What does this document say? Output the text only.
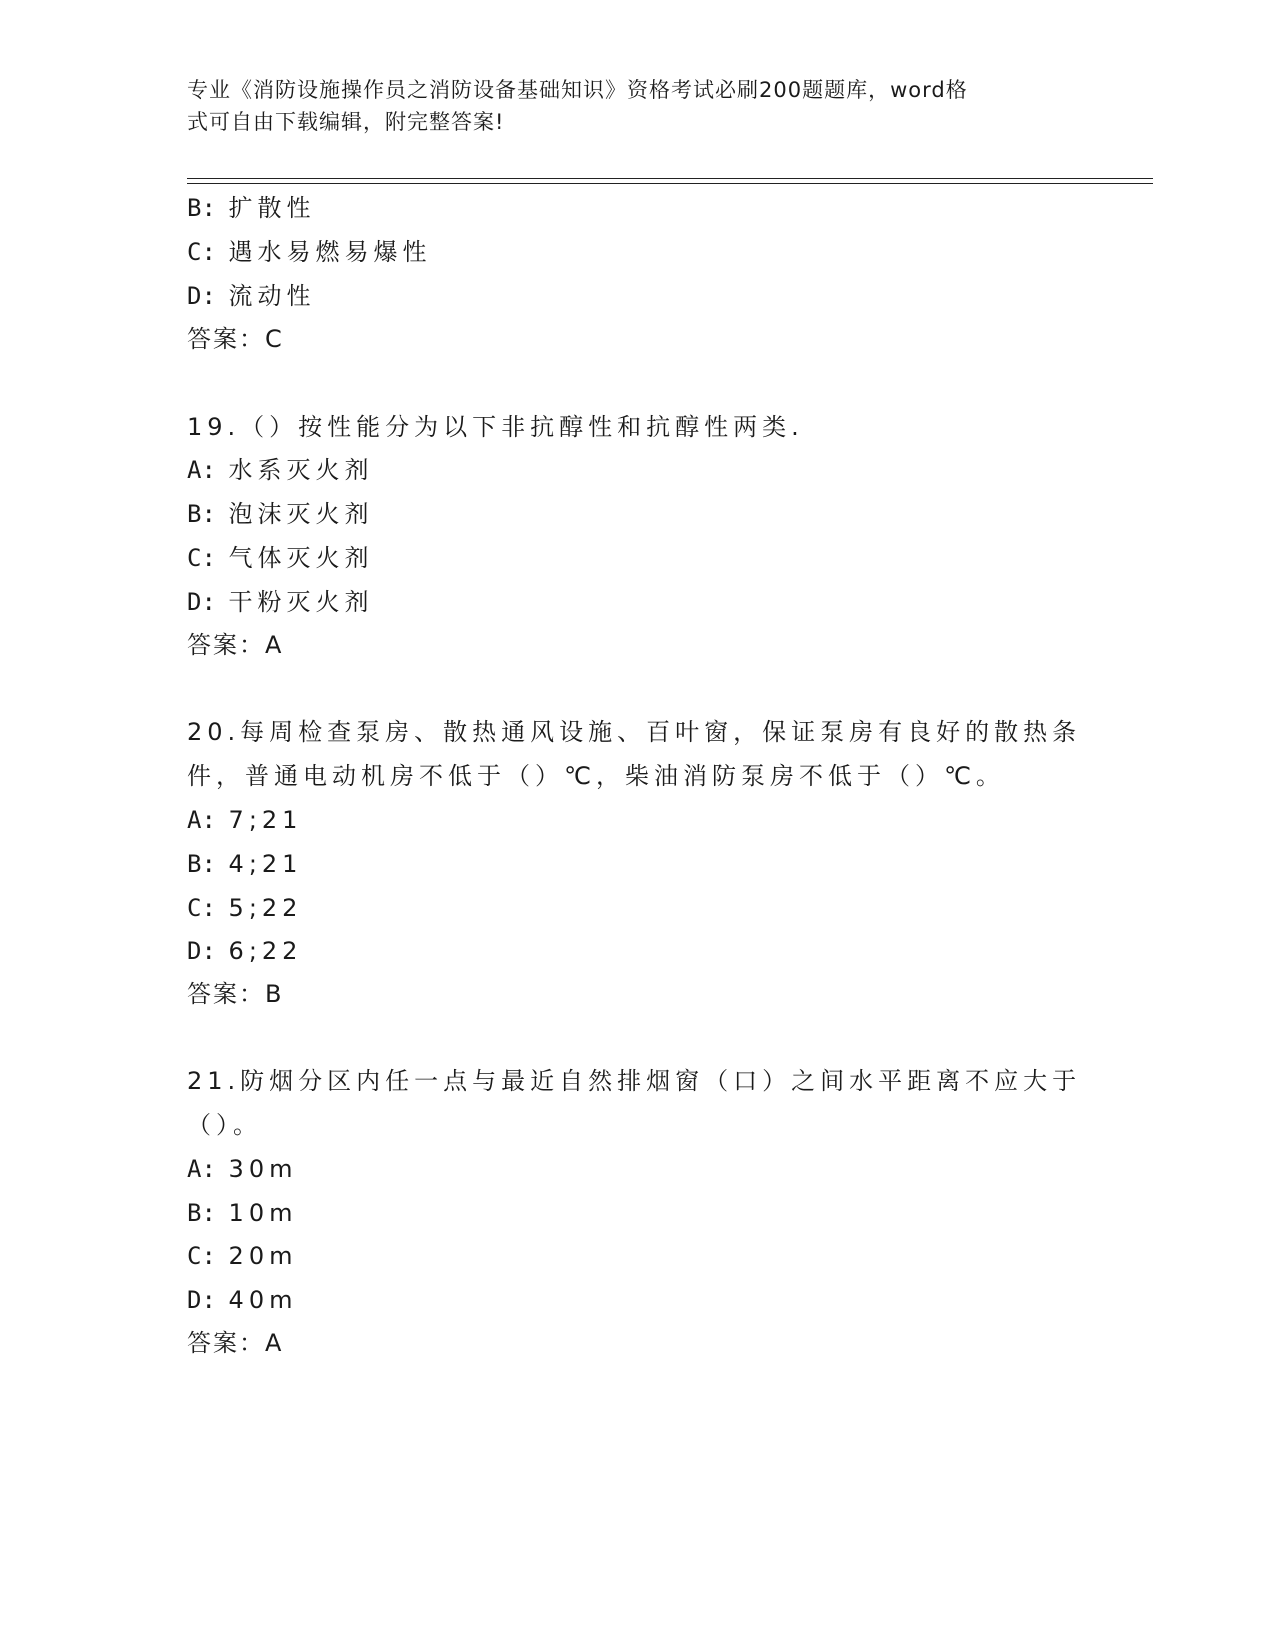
专业《消防设施操作员之消防设备基础知识》资格考试必刷200题题库，word格
式可自由下载编辑，附完整答案!
B: 扩散性
C: 遇水易燃易爆性
D: 流动性
答案：C
19.（）按性能分为以下非抗醇性和抗醇性两类.
A: 水系灭火剂
B: 泡沫灭火剂
C: 气体灭火剂
D: 干粉灭火剂
答案：A
20.每周检查泵房、散热通风设施、百叶窗，保证泵房有良好的散热条
件，普通电动机房不低于（）℃，柴油消防泵房不低于（）℃。
A: 7;21
B: 4;21
C: 5;22
D: 6;22
答案：B
21.防烟分区内任一点与最近自然排烟窗（口）之间水平距离不应大于
（）。
A: 30m
B: 10m
C: 20m
D: 40m
答案：A
